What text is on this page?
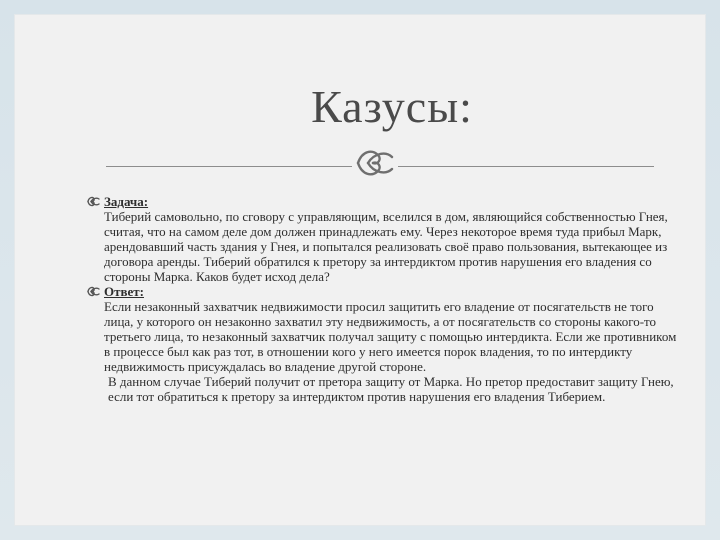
Казусы:
Задача:

Тиберий самовольно, по сговору с управляющим, вселился в дом, являющийся собственностью Гнея, считая, что на самом деле дом должен принадлежать ему. Через некоторое время туда прибыл Марк, арендовавший часть здания у Гнея, и попытался реализовать своё право пользования, вытекающее из договора аренды. Тиберий обратился к претору за интердиктом против нарушения его владения со стороны Марка. Каков будет исход дела?

Ответ:

Если незаконный захватчик недвижимости просил защитить его владение от посягательств не того лица, у которого он незаконно захватил эту недвижимость, а от посягательств со стороны какого-то третьего лица, то незаконный захватчик получал защиту с помощью интердикта. Если же противником в процессе был как раз тот, в отношении кого у него имеется порок владения, то по интердикту недвижимость присуждалась во владение другой стороне.

В данном случае Тиберий получит от претора защиту от Марка. Но претор предоставит защиту Гнею, если тот обратиться к претору за интердиктом против нарушения его владения Тиберием.
